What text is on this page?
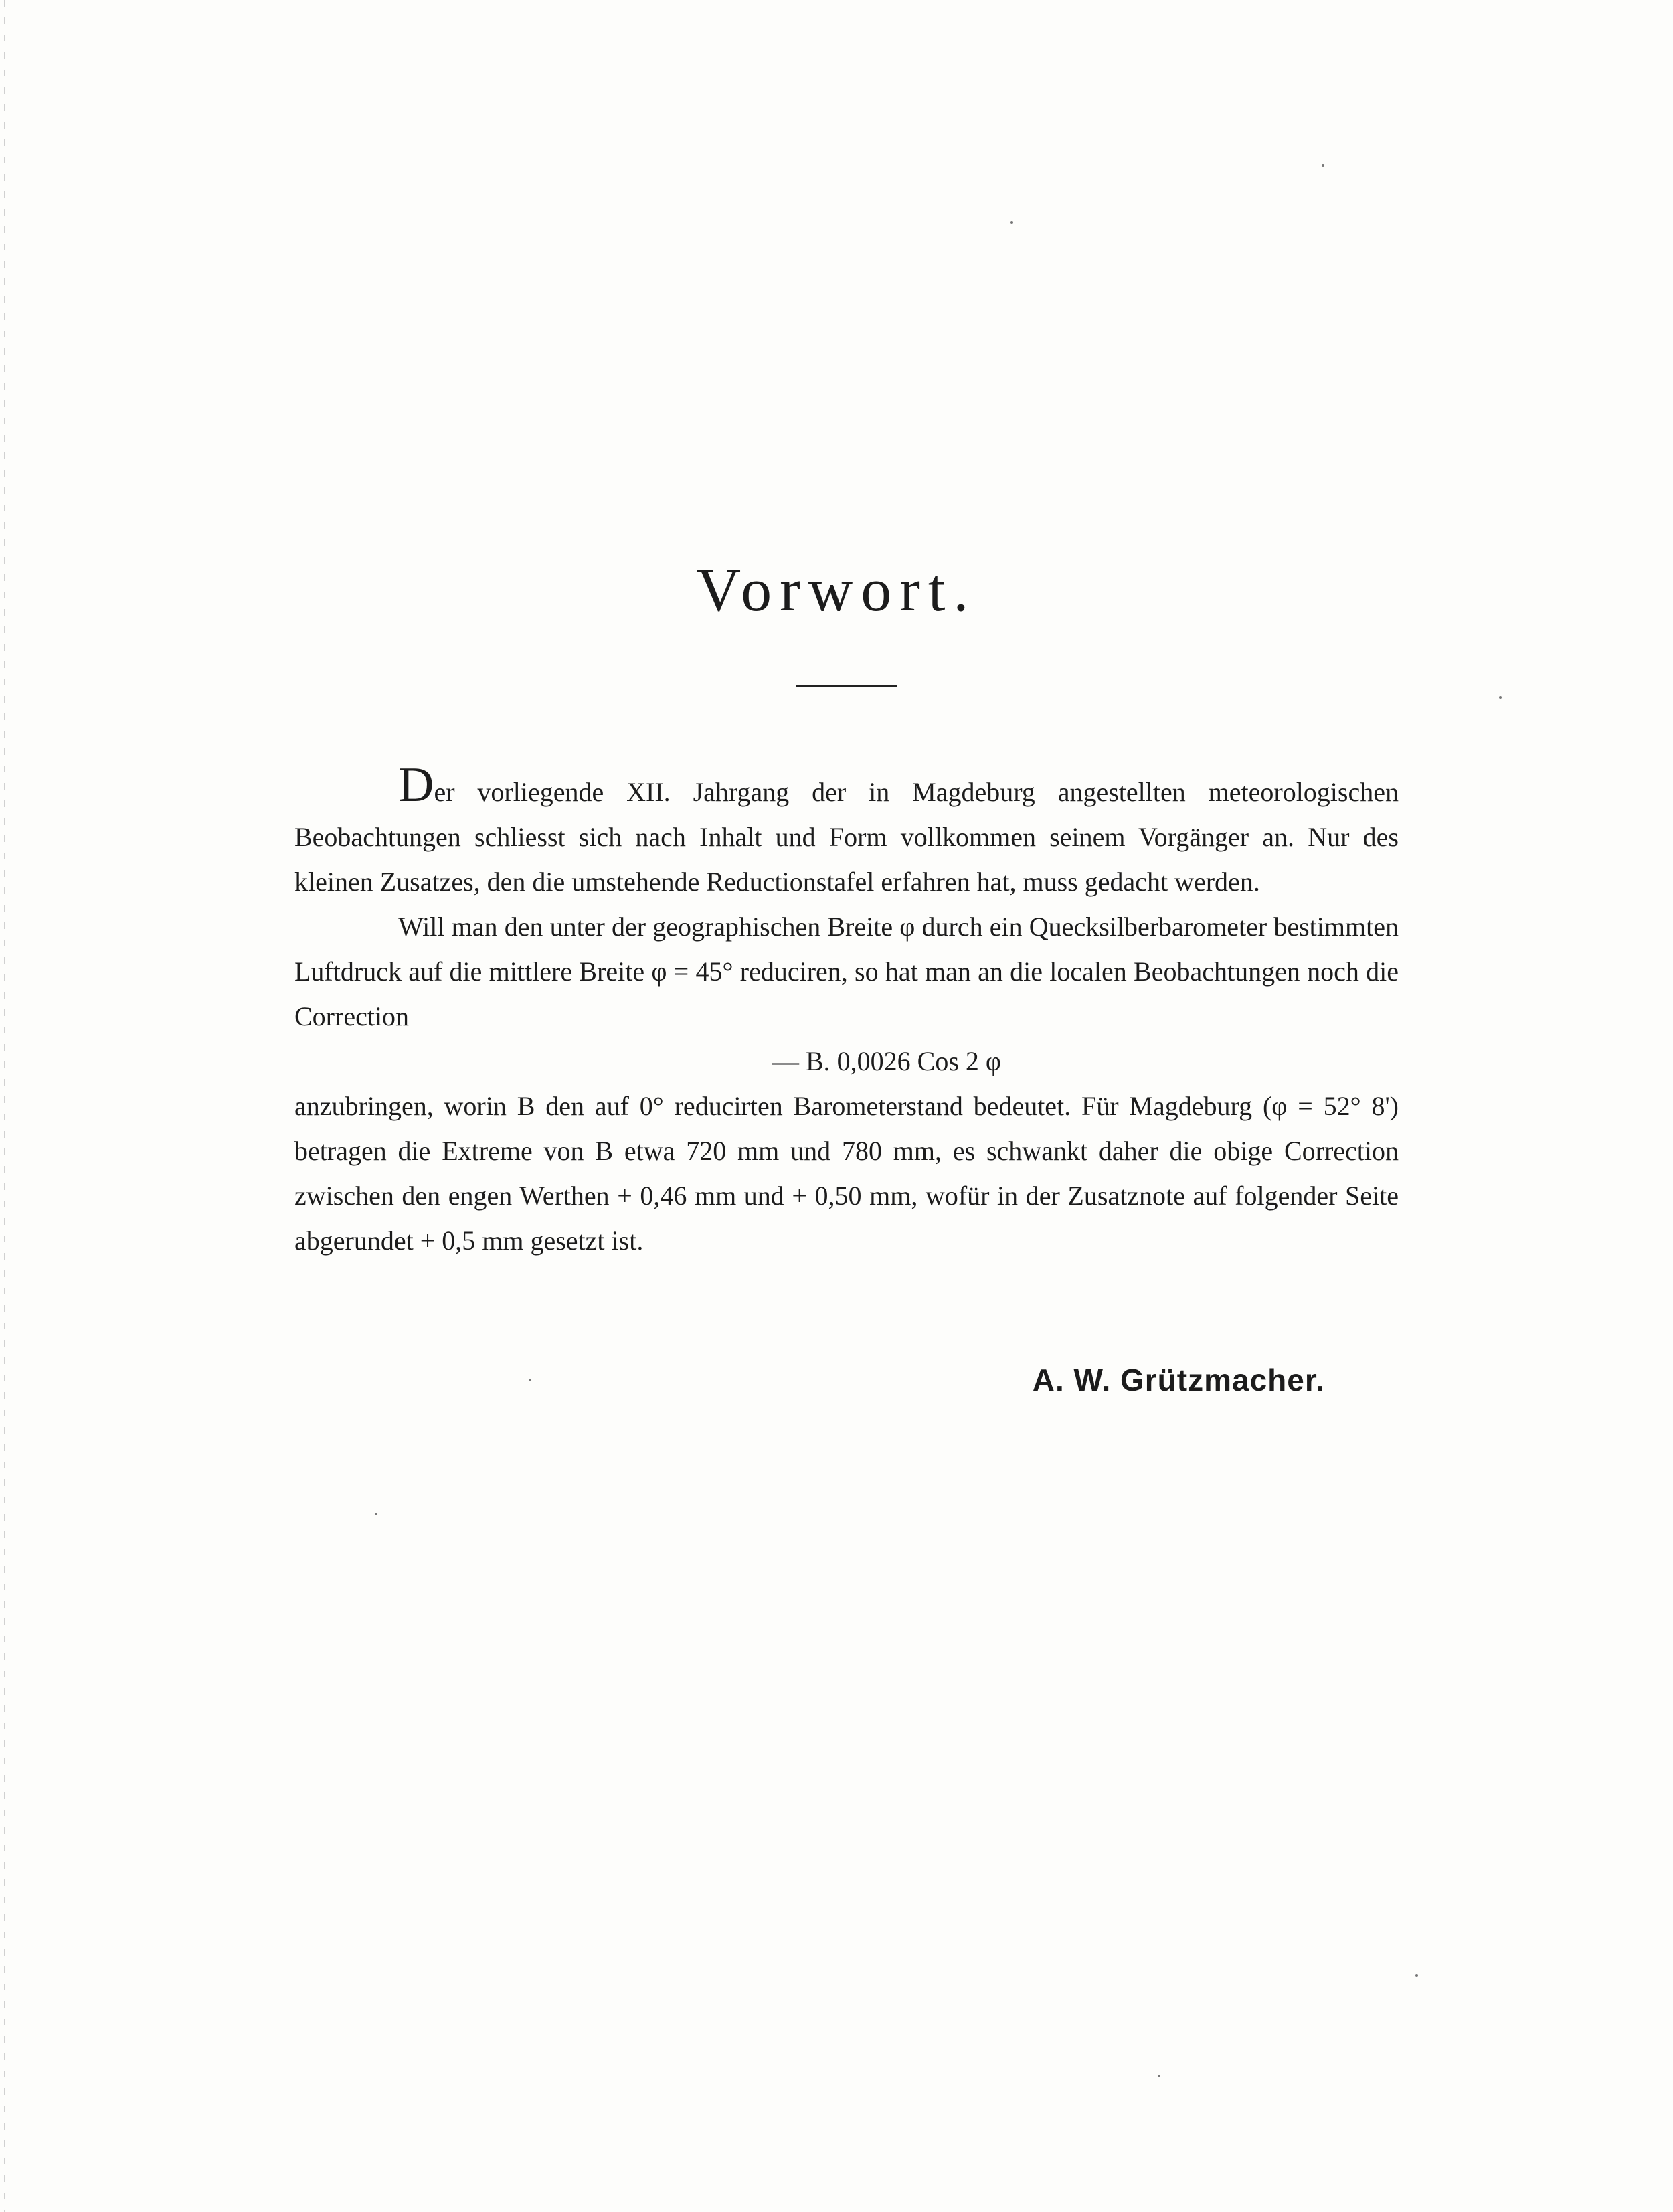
Vorwort.

Der vorliegende XII. Jahrgang der in Magdeburg angestellten meteorologischen Beobachtungen schliesst sich nach Inhalt und Form vollkommen seinem Vorgänger an. Nur des kleinen Zusatzes, den die umstehende Reductionstafel erfahren hat, muss gedacht werden.

Will man den unter der geographischen Breite φ durch ein Quecksilberbarometer bestimmten Luftdruck auf die mittlere Breite φ = 45° reduciren, so hat man an die localen Beobachtungen noch die Correction

— B. 0,0026 Cos 2 φ

anzubringen, worin B den auf 0° reducirten Barometerstand bedeutet. Für Magdeburg (φ = 52° 8') betragen die Extreme von B etwa 720 mm und 780 mm, es schwankt daher die obige Correction zwischen den engen Werthen + 0,46 mm und + 0,50 mm, wofür in der Zusatznote auf folgender Seite abgerundet + 0,5 mm gesetzt ist.

A. W. Grützmacher.
